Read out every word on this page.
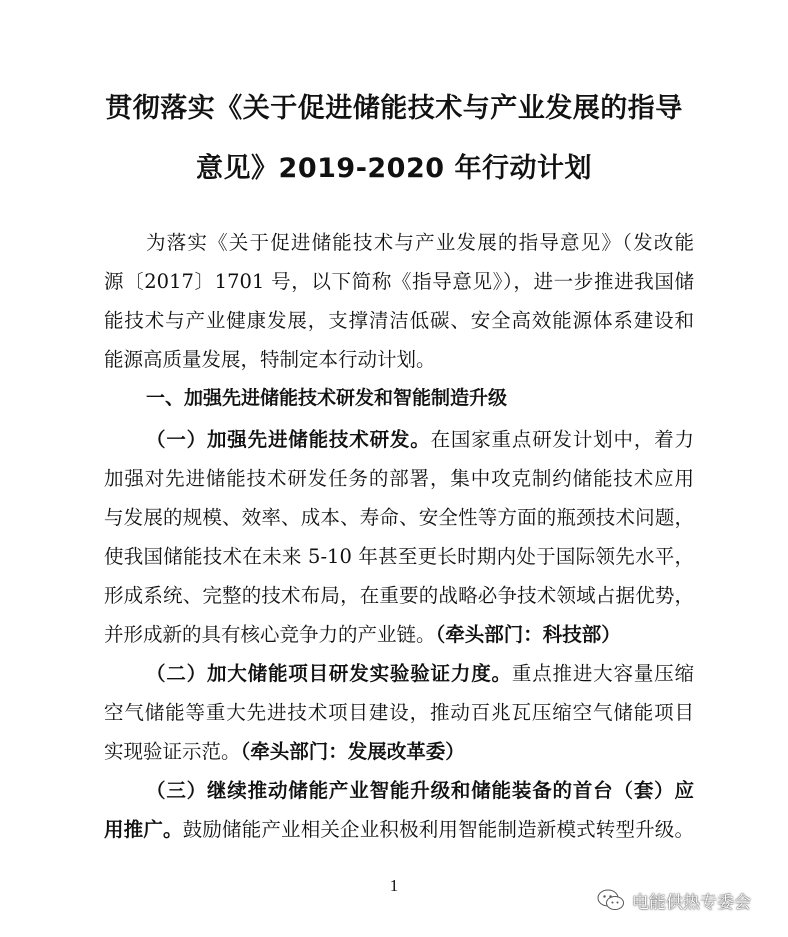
贯彻落实《关于促进储能技术与产业发展的指导
意见》2019-2020 年行动计划
为落实《关于促进储能技术与产业发展的指导意见》（发改能
源〔2017〕1701 号，以下简称《指导意见》），进一步推进我国储
能技术与产业健康发展，支撑清洁低碳、安全高效能源体系建设和
能源高质量发展，特制定本行动计划。
一、加强先进储能技术研发和智能制造升级
（一）加强先进储能技术研发。在国家重点研发计划中，着力
加强对先进储能技术研发任务的部署，集中攻克制约储能技术应用
与发展的规模、效率、成本、寿命、安全性等方面的瓶颈技术问题，
使我国储能技术在未来 5-10 年甚至更长时期内处于国际领先水平，
形成系统、完整的技术布局，在重要的战略必争技术领域占据优势，
并形成新的具有核心竞争力的产业链。（牵头部门：科技部）
（二）加大储能项目研发实验验证力度。重点推进大容量压缩
空气储能等重大先进技术项目建设，推动百兆瓦压缩空气储能项目
实现验证示范。（牵头部门：发展改革委）
（三）继续推动储能产业智能升级和储能装备的首台（套）应
用推广。鼓励储能产业相关企业积极利用智能制造新模式转型升级。
1
电能供热专委会
